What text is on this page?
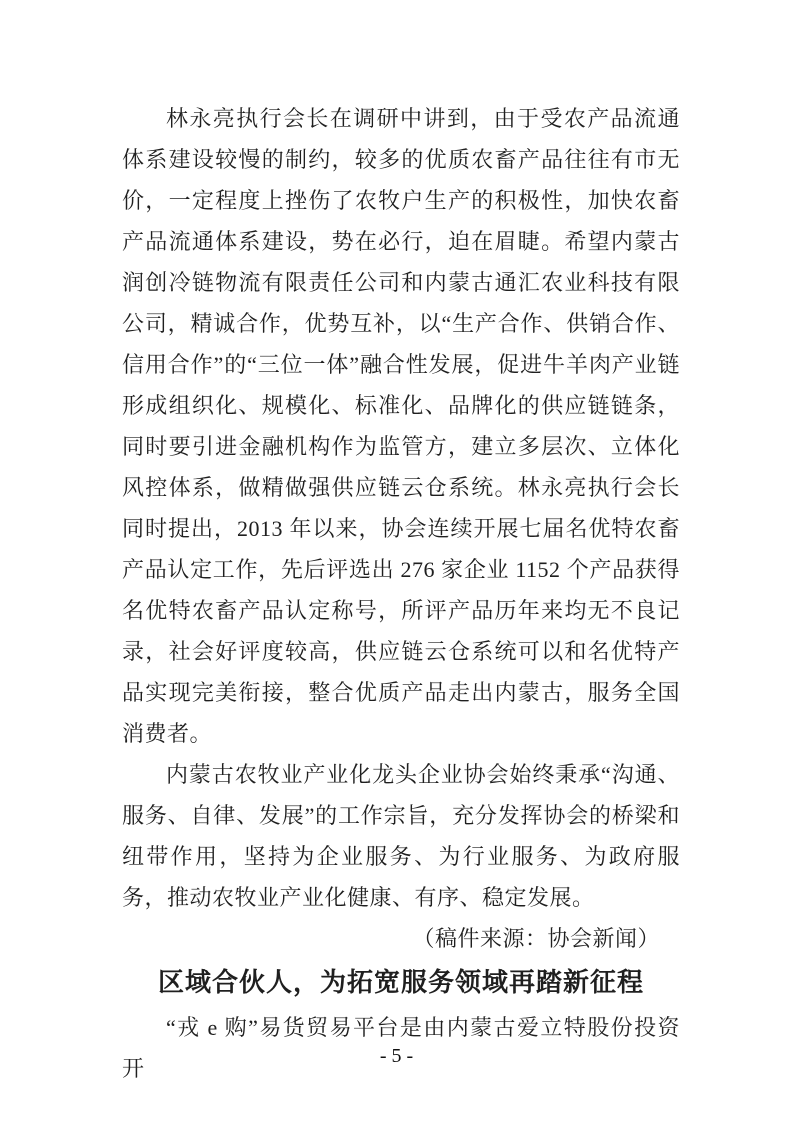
林永亮执行会长在调研中讲到，由于受农产品流通体系建设较慢的制约，较多的优质农畜产品往往有市无价，一定程度上挫伤了农牧户生产的积极性，加快农畜产品流通体系建设，势在必行，迫在眉睫。希望内蒙古润创冷链物流有限责任公司和内蒙古通汇农业科技有限公司，精诚合作，优势互补，以“生产合作、供销合作、信用合作”的“三位一体”融合性发展，促进牛羊肉产业链形成组织化、规模化、标准化、品牌化的供应链链条，同时要引进金融机构作为监管方，建立多层次、立体化风控体系，做精做强供应链云仓系统。林永亮执行会长同时提出，2013 年以来，协会连续开展七届名优特农畜产品认定工作，先后评选出 276 家企业 1152 个产品获得名优特农畜产品认定称号，所评产品历年来均无不良记录，社会好评度较高，供应链云仓系统可以和名优特产品实现完美衔接，整合优质产品走出内蒙古，服务全国消费者。

内蒙古农牧业产业化龙头企业协会始终秉承“沟通、服务、自律、发展”的工作宗旨，充分发挥协会的桥梁和纽带作用，坚持为企业服务、为行业服务、为政府服务，推动农牧业产业化健康、有序、稳定发展。

（稿件来源：协会新闻）

区域合伙人，为拓宽服务领域再踏新征程

“戎 e 购”易货贸易平台是由内蒙古爱立特股份投资开	- 5 -
